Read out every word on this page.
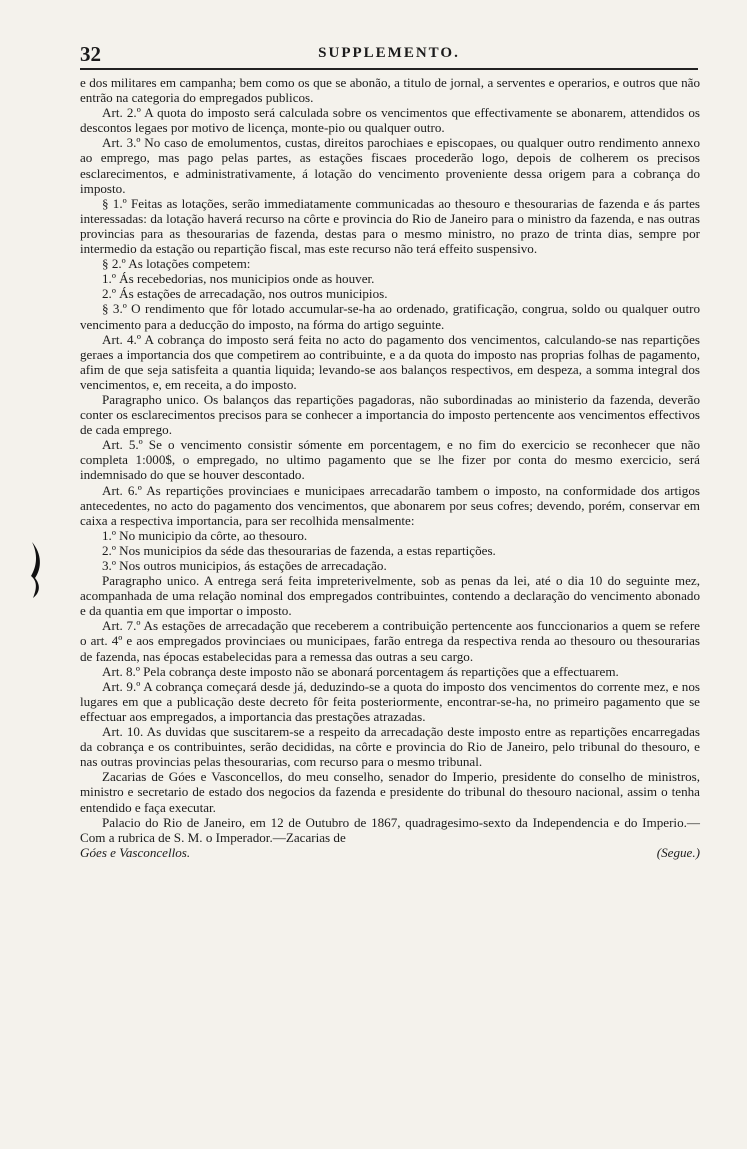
32	SUPPLEMENTO.

e dos militares em campanha; bem como os que se abonão, a titulo de jornal, a serventes e operarios, e outros que não entrão na categoria do empregados publicos.

Art. 2.º A quota do imposto será calculada sobre os vencimentos que effectivamente se abonarem, attendidos os descontos legaes por motivo de licença, monte-pio ou qualquer outro.

Art. 3.º No caso de emolumentos, custas, direitos parochiaes e episcopaes, ou qualquer outro rendimento annexo ao emprego, mas pago pelas partes, as estações fiscaes procederão logo, depois de colherem os precisos esclarecimentos, e administrativamente, á lotação do vencimento proveniente dessa origem para a cobrança do imposto.

§ 1.º Feitas as lotações, serão immediatamente communicadas ao thesouro e thesourarias de fazenda e ás partes interessadas: da lotação haverá recurso na côrte e provincia do Rio de Janeiro para o ministro da fazenda, e nas outras provincias para as thesourarias de fazenda, destas para o mesmo ministro, no prazo de trinta dias, sempre por intermedio da estação ou repartição fiscal, mas este recurso não terá effeito suspensivo.

§ 2.º As lotações competem:

1.º Ás recebedorias, nos municipios onde as houver.

2.º Ás estações de arrecadação, nos outros municipios.

§ 3.º O rendimento que fôr lotado accumular-se-ha ao ordenado, gratificação, congrua, soldo ou qualquer outro vencimento para a deducção do imposto, na fórma do artigo seguinte.

Art. 4.º A cobrança do imposto será feita no acto do pagamento dos vencimentos, calculando-se nas repartições geraes a importancia dos que competirem ao contribuinte, e a da quota do imposto nas proprias folhas de pagamento, afim de que seja satisfeita a quantia liquida; levando-se aos balanços respectivos, em despeza, a somma integral dos vencimentos, e, em receita, a do imposto.

Paragrapho unico. Os balanços das repartições pagadoras, não subordinadas ao ministerio da fazenda, deverão conter os esclarecimentos precisos para se conhecer a importancia do imposto pertencente aos vencimentos effectivos de cada emprego.

Art. 5.º Se o vencimento consistir sómente em porcentagem, e no fim do exercicio se reconhecer que não completa 1:000$, o empregado, no ultimo pagamento que se lhe fizer por conta do mesmo exercicio, será indemnisado do que se houver descontado.

Art. 6.º As repartições provinciaes e municipaes arrecadarão tambem o imposto, na conformidade dos artigos antecedentes, no acto do pagamento dos vencimentos, que abonarem por seus cofres; devendo, porém, conservar em caixa a respectiva importancia, para ser recolhida mensalmente:

1.º No municipio da côrte, ao thesouro.

2.º Nos municipios da séde das thesourarias de fazenda, a estas repartições.

3.º Nos outros municipios, ás estações de arrecadação.

Paragrapho unico. A entrega será feita impreterivelmente, sob as penas da lei, até o dia 10 do seguinte mez, acompanhada de uma relação nominal dos empregados contribuintes, contendo a declaração do vencimento abonado e da quantia em que importar o imposto.

Art. 7.º As estações de arrecadação que receberem a contribuição pertencente aos funccionarios a quem se refere o art. 4º e aos empregados provinciaes ou municipaes, farão entrega da respectiva renda ao thesouro ou thesourarias de fazenda, nas épocas estabelecidas para a remessa das outras a seu cargo.

Art. 8.º Pela cobrança deste imposto não se abonará porcentagem ás repartições que a effectuarem.

Art. 9.º A cobrança começará desde já, deduzindo-se a quota do imposto dos vencimentos do corrente mez, e nos lugares em que a publicação deste decreto fôr feita posteriormente, encontrar-se-ha, no primeiro pagamento que se effectuar aos empregados, a importancia das prestações atrazadas.

Art. 10. As duvidas que suscitarem-se a respeito da arrecadação deste imposto entre as repartições encarregadas da cobrança e os contribuintes, serão decididas, na côrte e provincia do Rio de Janeiro, pelo tribunal do thesouro, e nas outras provincias pelas thesourarias, com recurso para o mesmo tribunal.

Zacarias de Góes e Vasconcellos, do meu conselho, senador do Imperio, presidente do conselho de ministros, ministro e secretario de estado dos negocios da fazenda e presidente do tribunal do thesouro nacional, assim o tenha entendido e faça executar.

Palacio do Rio de Janeiro, em 12 de Outubro de 1867, quadragesimo-sexto da Independencia e do Imperio.—Com a rubrica de S. M. o Imperador.—Zacarias de

Góes e Vasconcellos.	(Segue.)
